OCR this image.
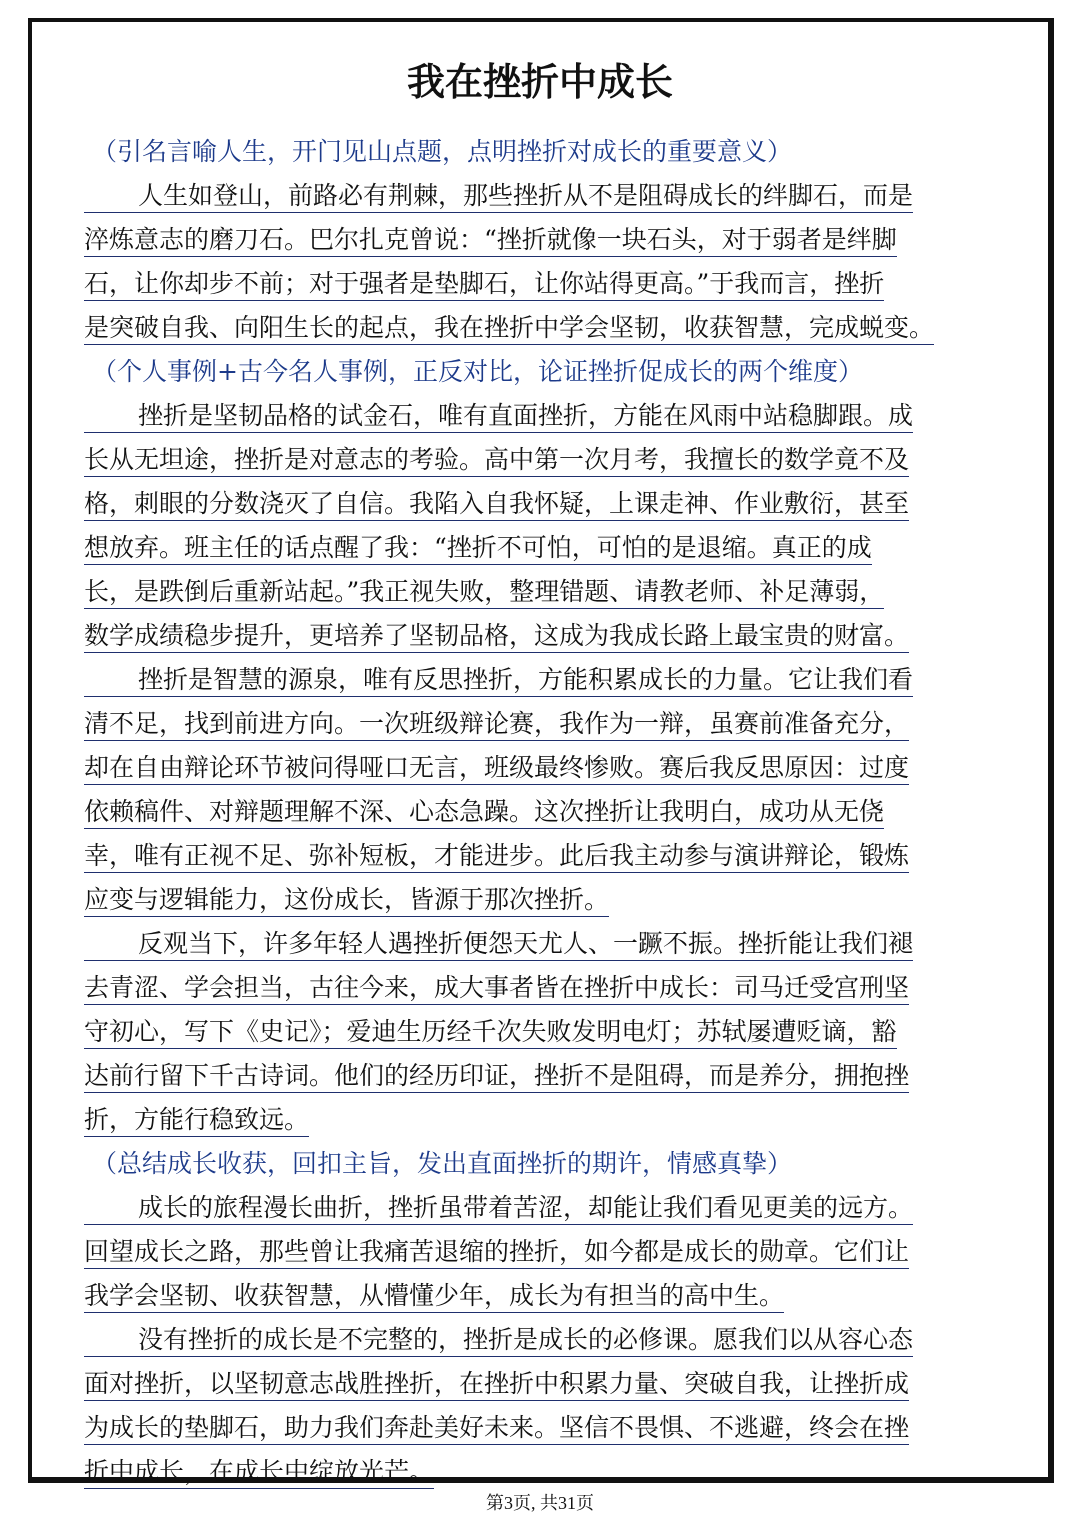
我在挫折中成长
（引名言喻人生，开门见山点题，点明挫折对成长的重要意义）
人生如登山，前路必有荆棘，那些挫折从不是阻碍成长的绊脚石，而是
淬炼意志的磨刀石。巴尔扎克曾说：“挫折就像一块石头，对于弱者是绊脚
石，让你却步不前；对于强者是垫脚石，让你站得更高。”于我而言，挫折
是突破自我、向阳生长的起点，我在挫折中学会坚韧，收获智慧，完成蜕变。
（个人事例+古今名人事例，正反对比，论证挫折促成长的两个维度）
挫折是坚韧品格的试金石，唯有直面挫折，方能在风雨中站稳脚跟。成
长从无坦途，挫折是对意志的考验。高中第一次月考，我擅长的数学竟不及
格，刺眼的分数浇灭了自信。我陷入自我怀疑，上课走神、作业敷衍，甚至
想放弃。班主任的话点醒了我：“挫折不可怕，可怕的是退缩。真正的成
长，是跌倒后重新站起。”我正视失败，整理错题、请教老师、补足薄弱，
数学成绩稳步提升，更培养了坚韧品格，这成为我成长路上最宝贵的财富。
挫折是智慧的源泉，唯有反思挫折，方能积累成长的力量。它让我们看
清不足，找到前进方向。一次班级辩论赛，我作为一辩，虽赛前准备充分，
却在自由辩论环节被问得哑口无言，班级最终惨败。赛后我反思原因：过度
依赖稿件、对辩题理解不深、心态急躁。这次挫折让我明白，成功从无侥
幸，唯有正视不足、弥补短板，才能进步。此后我主动参与演讲辩论，锻炼
应变与逻辑能力，这份成长，皆源于那次挫折。
反观当下，许多年轻人遇挫折便怨天尤人、一蹶不振。挫折能让我们褪
去青涩、学会担当，古往今来，成大事者皆在挫折中成长：司马迁受宫刑坚
守初心，写下《史记》；爱迪生历经千次失败发明电灯；苏轼屡遭贬谪，豁
达前行留下千古诗词。他们的经历印证，挫折不是阻碍，而是养分，拥抱挫
折，方能行稳致远。
（总结成长收获，回扣主旨，发出直面挫折的期许，情感真挚）
成长的旅程漫长曲折，挫折虽带着苦涩，却能让我们看见更美的远方。
回望成长之路，那些曾让我痛苦退缩的挫折，如今都是成长的勋章。它们让
我学会坚韧、收获智慧，从懵懂少年，成长为有担当的高中生。
没有挫折的成长是不完整的，挫折是成长的必修课。愿我们以从容心态
面对挫折，以坚韧意志战胜挫折，在挫折中积累力量、突破自我，让挫折成
为成长的垫脚石，助力我们奔赴美好未来。坚信不畏惧、不逃避，终会在挫
折中成长，在成长中绽放光芒。
第3页, 共31页
